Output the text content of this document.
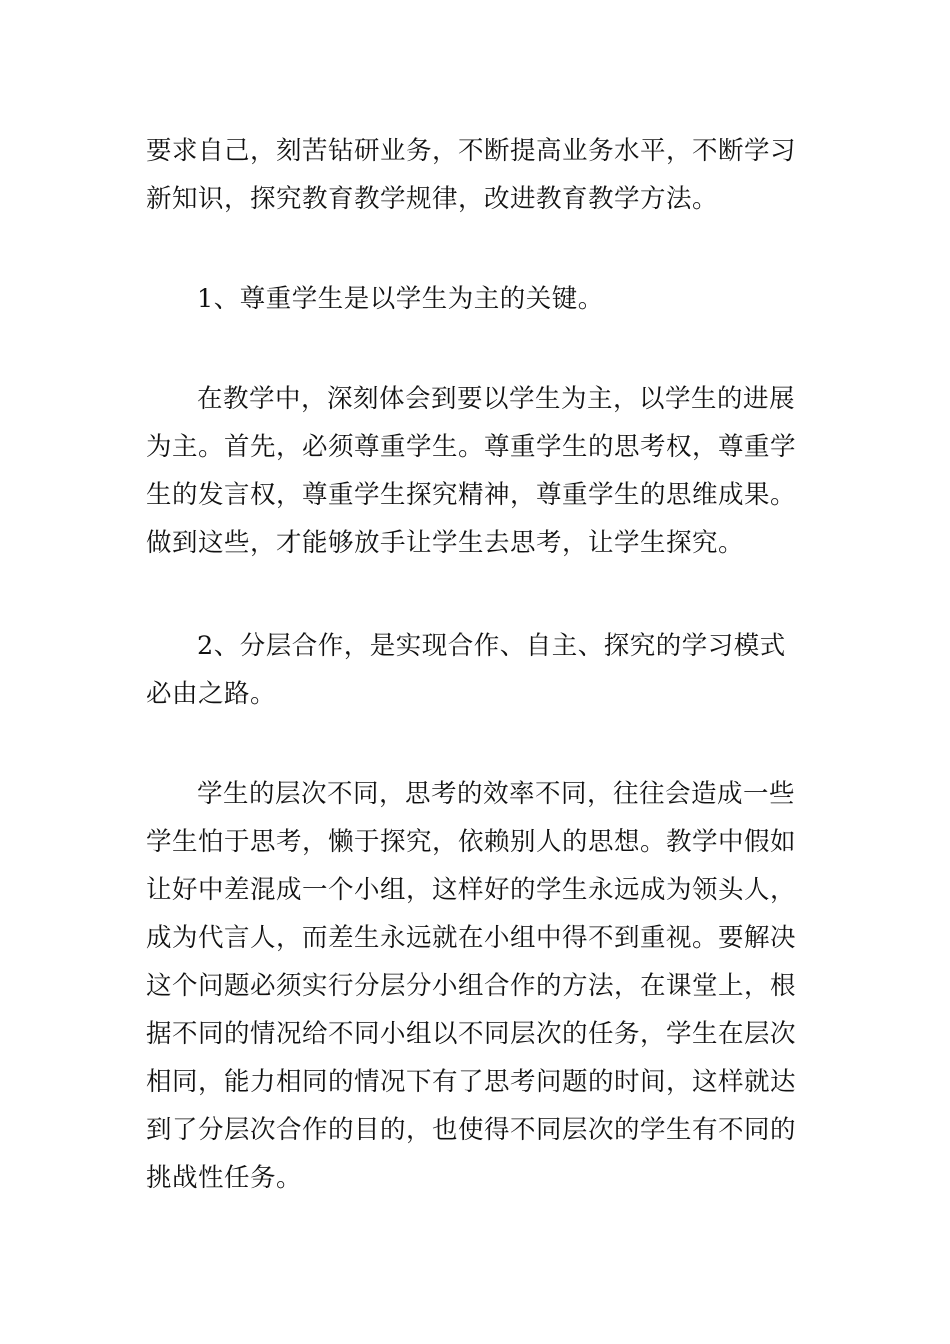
要求自己，刻苦钻研业务，不断提高业务水平，不断学习新知识，探究教育教学规律，改进教育教学方法。

1、尊重学生是以学生为主的关键。

在教学中，深刻体会到要以学生为主，以学生的进展为主。首先，必须尊重学生。尊重学生的思考权，尊重学生的发言权，尊重学生探究精神，尊重学生的思维成果。做到这些，才能够放手让学生去思考，让学生探究。

2、分层合作，是实现合作、自主、探究的学习模式必由之路。

学生的层次不同，思考的效率不同，往往会造成一些学生怕于思考，懒于探究，依赖别人的思想。教学中假如让好中差混成一个小组，这样好的学生永远成为领头人，成为代言人，而差生永远就在小组中得不到重视。要解决这个问题必须实行分层分小组合作的方法，在课堂上，根据不同的情况给不同小组以不同层次的任务，学生在层次相同，能力相同的情况下有了思考问题的时间，这样就达到了分层次合作的目的，也使得不同层次的学生有不同的挑战性任务。
